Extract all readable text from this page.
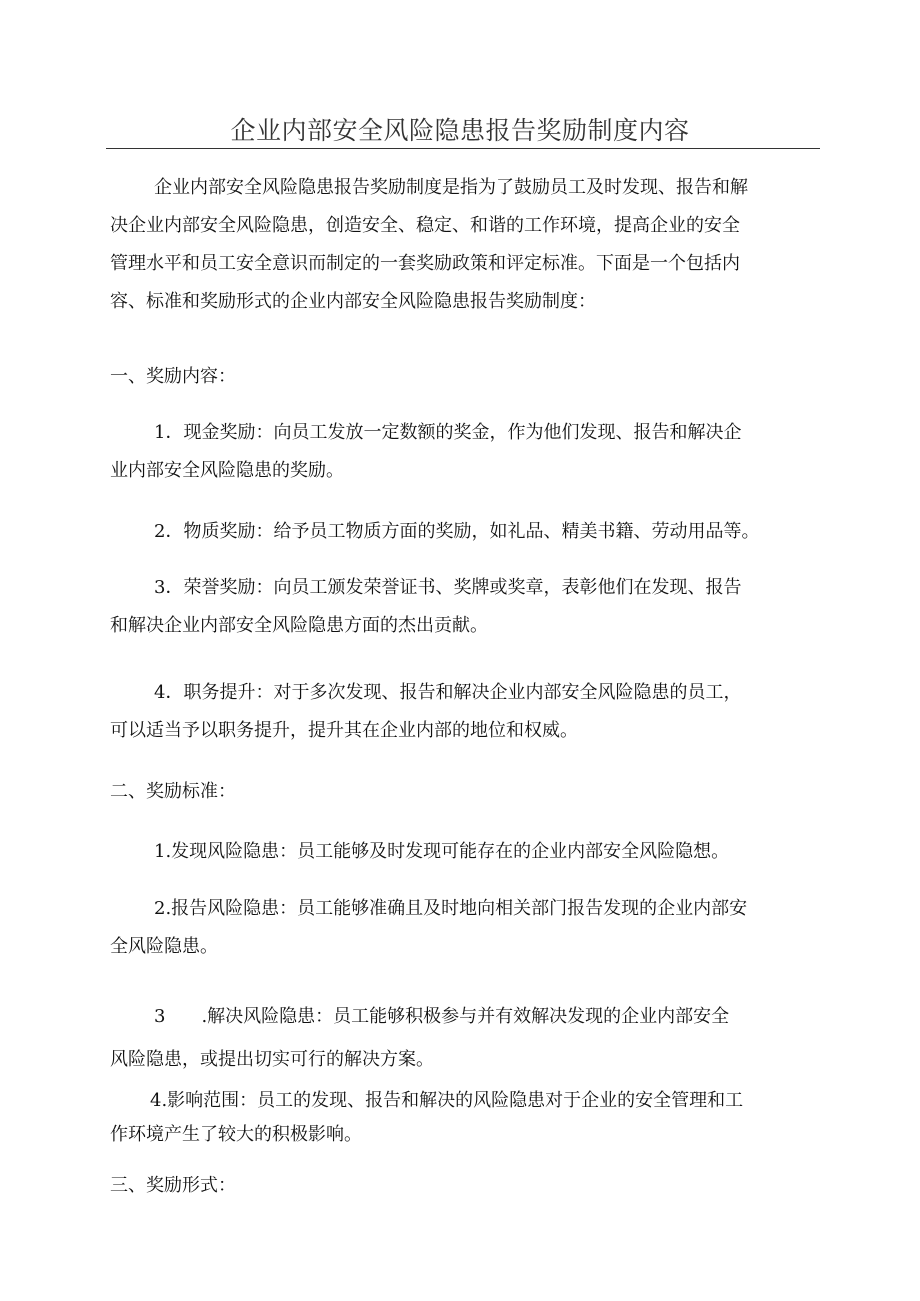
企业内部安全风险隐患报告奖励制度内容
企业内部安全风险隐患报告奖励制度是指为了鼓励员工及时发现、报告和解
决企业内部安全风险隐患，创造安全、稳定、和谐的工作环境，提高企业的安全
管理水平和员工安全意识而制定的一套奖励政策和评定标准。下面是一个包括内
容、标准和奖励形式的企业内部安全风险隐患报告奖励制度：
一、奖励内容：
1．现金奖励：向员工发放一定数额的奖金，作为他们发现、报告和解决企
业内部安全风险隐患的奖励。
2．物质奖励：给予员工物质方面的奖励，如礼品、精美书籍、劳动用品等。
3．荣誉奖励：向员工颁发荣誉证书、奖牌或奖章，表彰他们在发现、报告
和解决企业内部安全风险隐患方面的杰出贡献。
4．职务提升：对于多次发现、报告和解决企业内部安全风险隐患的员工，
可以适当予以职务提升，提升其在企业内部的地位和权威。
二、奖励标准：
1.发现风险隐患：员工能够及时发现可能存在的企业内部安全风险隐想。
2.报告风险隐患：员工能够准确且及时地向相关部门报告发现的企业内部安
全风险隐患。
3　　.解决风险隐患：员工能够积极参与并有效解决发现的企业内部安全
风险隐患，或提出切实可行的解决方案。
4.影响范围：员工的发现、报告和解决的风险隐患对于企业的安全管理和工
作环境产生了较大的积极影响。
三、奖励形式：
